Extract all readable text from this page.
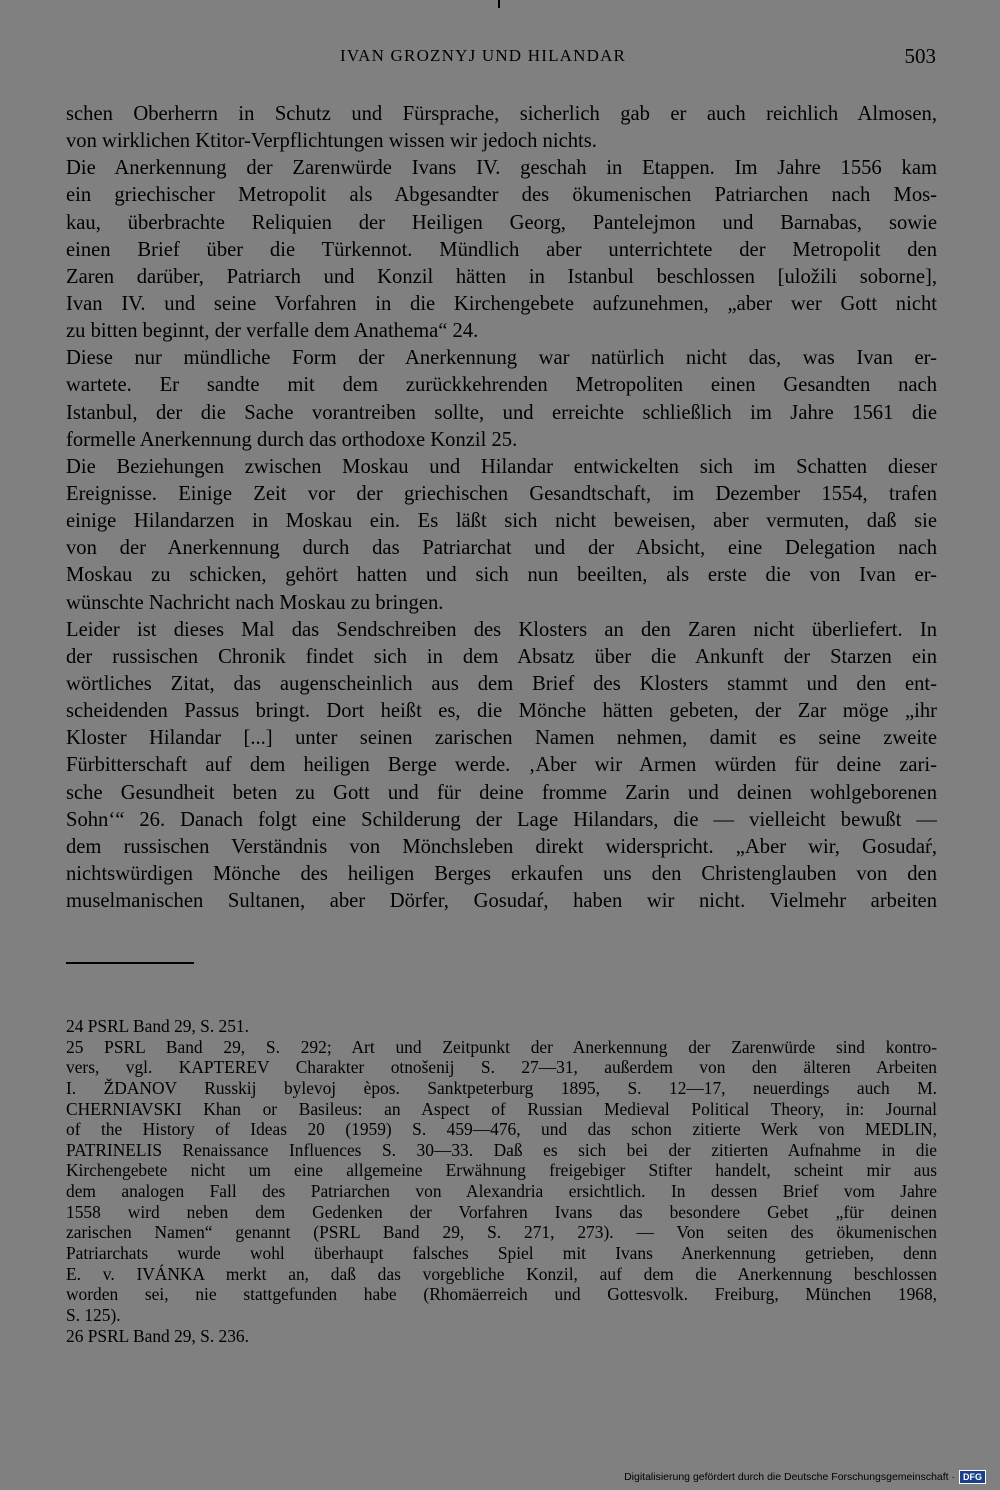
IVAN GROZNYJ UND HILANDAR	503
schen Oberherrn in Schutz und Fürsprache, sicherlich gab er auch reichlich Almosen,
von wirklichen Ktitor-Verpflichtungen wissen wir jedoch nichts.
Die Anerkennung der Zarenwürde Ivans IV. geschah in Etappen. Im Jahre 1556 kam
ein griechischer Metropolit als Abgesandter des ökumenischen Patriarchen nach Mos-
kau, überbrachte Reliquien der Heiligen Georg, Pantelejmon und Barnabas, sowie
einen Brief über die Türkennot. Mündlich aber unterrichtete der Metropolit den
Zaren darüber, Patriarch und Konzil hätten in Istanbul beschlossen [uložili soborne],
Ivan IV. und seine Vorfahren in die Kirchengebete aufzunehmen, „aber wer Gott nicht
zu bitten beginnt, der verfalle dem Anathema“ 24.
Diese nur mündliche Form der Anerkennung war natürlich nicht das, was Ivan er-
wartete. Er sandte mit dem zurückkehrenden Metropoliten einen Gesandten nach
Istanbul, der die Sache vorantreiben sollte, und erreichte schließlich im Jahre 1561 die
formelle Anerkennung durch das orthodoxe Konzil 25.
Die Beziehungen zwischen Moskau und Hilandar entwickelten sich im Schatten dieser
Ereignisse. Einige Zeit vor der griechischen Gesandtschaft, im Dezember 1554, trafen
einige Hilandarzen in Moskau ein. Es läßt sich nicht beweisen, aber vermuten, daß sie
von der Anerkennung durch das Patriarchat und der Absicht, eine Delegation nach
Moskau zu schicken, gehört hatten und sich nun beeilten, als erste die von Ivan er-
wünschte Nachricht nach Moskau zu bringen.
Leider ist dieses Mal das Sendschreiben des Klosters an den Zaren nicht überliefert. In
der russischen Chronik findet sich in dem Absatz über die Ankunft der Starzen ein
wörtliches Zitat, das augenscheinlich aus dem Brief des Klosters stammt und den ent-
scheidenden Passus bringt. Dort heißt es, die Mönche hätten gebeten, der Zar möge „ihr
Kloster Hilandar [...] unter seinen zarischen Namen nehmen, damit es seine zweite
Fürbitterschaft auf dem heiligen Berge werde. ‚Aber wir Armen würden für deine zari-
sche Gesundheit beten zu Gott und für deine fromme Zarin und deinen wohlgeborenen
Sohn‘“ 26. Danach folgt eine Schilderung der Lage Hilandars, die — vielleicht bewußt —
dem russischen Verständnis von Mönchsleben direkt widerspricht. „Aber wir, Gosudaŕ,
nichtswürdigen Mönche des heiligen Berges erkaufen uns den Christenglauben von den
muselmanischen Sultanen, aber Dörfer, Gosudaŕ, haben wir nicht. Vielmehr arbeiten
24 PSRL Band 29, S. 251.
25 PSRL Band 29, S. 292; Art und Zeitpunkt der Anerkennung der Zarenwürde sind kontro-
vers, vgl. KAPTEREV Charakter otnošenij S. 27—31, außerdem von den älteren Arbeiten
I. ŽDANOV Russkij bylevoj èpos. Sanktpeterburg 1895, S. 12—17, neuerdings auch M.
CHERNIAVSKI Khan or Basileus: an Aspect of Russian Medieval Political Theory, in: Journal
of the History of Ideas 20 (1959) S. 459—476, und das schon zitierte Werk von MEDLIN,
PATRINELIS Renaissance Influences S. 30—33. Daß es sich bei der zitierten Aufnahme in die
Kirchengebete nicht um eine allgemeine Erwähnung freigebiger Stifter handelt, scheint mir aus
dem analogen Fall des Patriarchen von Alexandria ersichtlich. In dessen Brief vom Jahre
1558 wird neben dem Gedenken der Vorfahren Ivans das besondere Gebet „für deinen
zarischen Namen“ genannt (PSRL Band 29, S. 271, 273). — Von seiten des ökumenischen
Patriarchats wurde wohl überhaupt falsches Spiel mit Ivans Anerkennung getrieben, denn
E. v. IVÁNKA merkt an, daß das vorgebliche Konzil, auf dem die Anerkennung beschlossen
worden sei, nie stattgefunden habe (Rhomäerreich und Gottesvolk. Freiburg, München 1968,
S. 125).
26 PSRL Band 29, S. 236.
Digitalisierung gefördert durch die Deutsche Forschungsgemeinschaft · DFG
